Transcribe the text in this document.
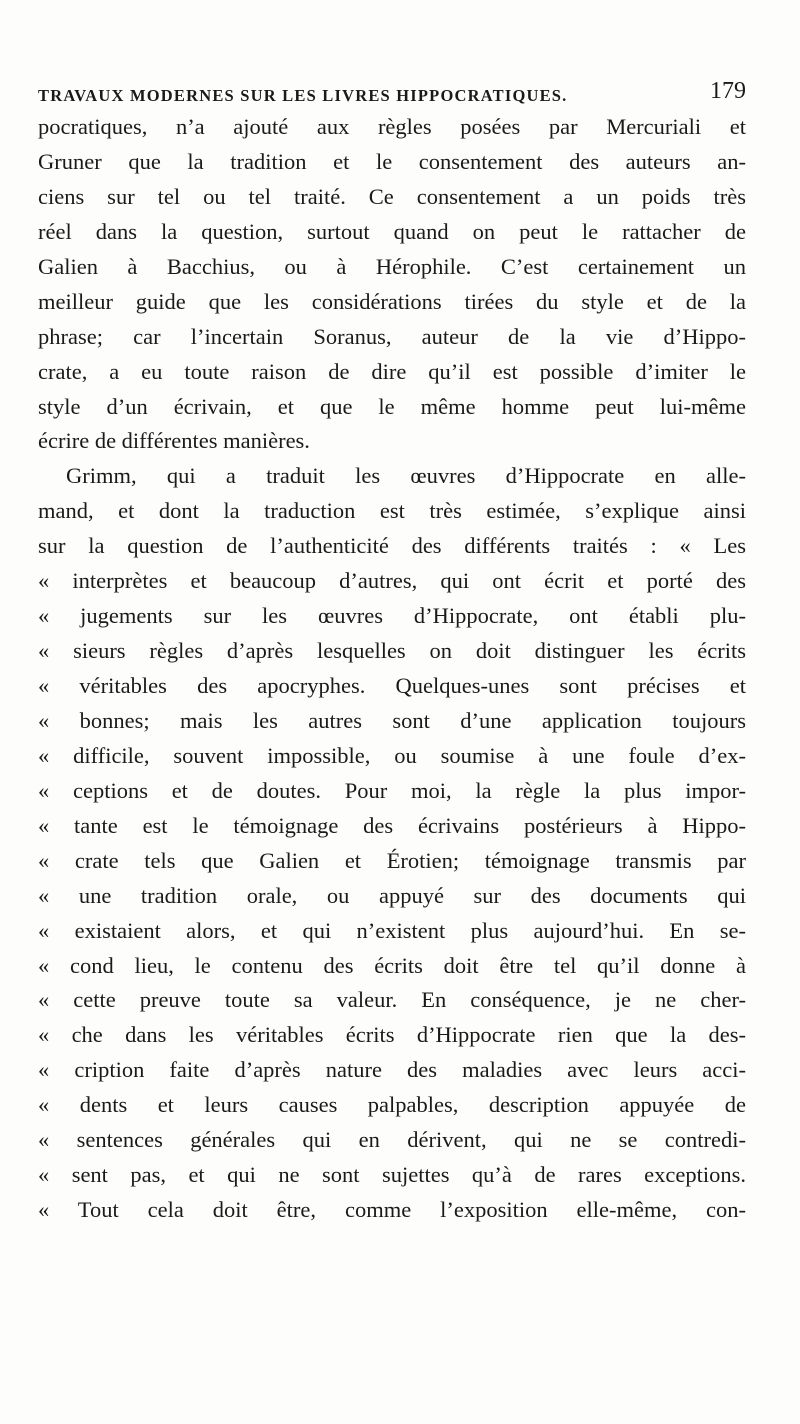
TRAVAUX MODERNES SUR LES LIVRES HIPPOCRATIQUES.	179
pocratiques, n’a ajouté aux règles posées par Mercuriali et
Gruner que la tradition et le consentement des auteurs an-
ciens sur tel ou tel traité. Ce consentement a un poids très
réel dans la question, surtout quand on peut le rattacher de
Galien à Bacchius, ou à Hérophile. C’est certainement un
meilleur guide que les considérations tirées du style et de la
phrase; car l’incertain Soranus, auteur de la vie d’Hippo-
crate, a eu toute raison de dire qu’il est possible d’imiter le
style d’un écrivain, et que le même homme peut lui-même
écrire de différentes manières.
Grimm, qui a traduit les œuvres d’Hippocrate en alle-
mand, et dont la traduction est très estimée, s’explique ainsi
sur la question de l’authenticité des différents traités : « Les
« interprètes et beaucoup d’autres, qui ont écrit et porté des
« jugements sur les œuvres d’Hippocrate, ont établi plu-
« sieurs règles d’après lesquelles on doit distinguer les écrits
« véritables des apocryphes. Quelques-unes sont précises et
« bonnes; mais les autres sont d’une application toujours
« difficile, souvent impossible, ou soumise à une foule d’ex-
« ceptions et de doutes. Pour moi, la règle la plus impor-
« tante est le témoignage des écrivains postérieurs à Hippo-
« crate tels que Galien et Érotien; témoignage transmis par
« une tradition orale, ou appuyé sur des documents qui
« existaient alors, et qui n’existent plus aujourd’hui. En se-
« cond lieu, le contenu des écrits doit être tel qu’il donne à
« cette preuve toute sa valeur. En conséquence, je ne cher-
« che dans les véritables écrits d’Hippocrate rien que la des-
« cription faite d’après nature des maladies avec leurs acci-
« dents et leurs causes palpables, description appuyée de
« sentences générales qui en dérivent, qui ne se contredi-
« sent pas, et qui ne sont sujettes qu’à de rares exceptions.
« Tout cela doit être, comme l’exposition elle-même, con-
